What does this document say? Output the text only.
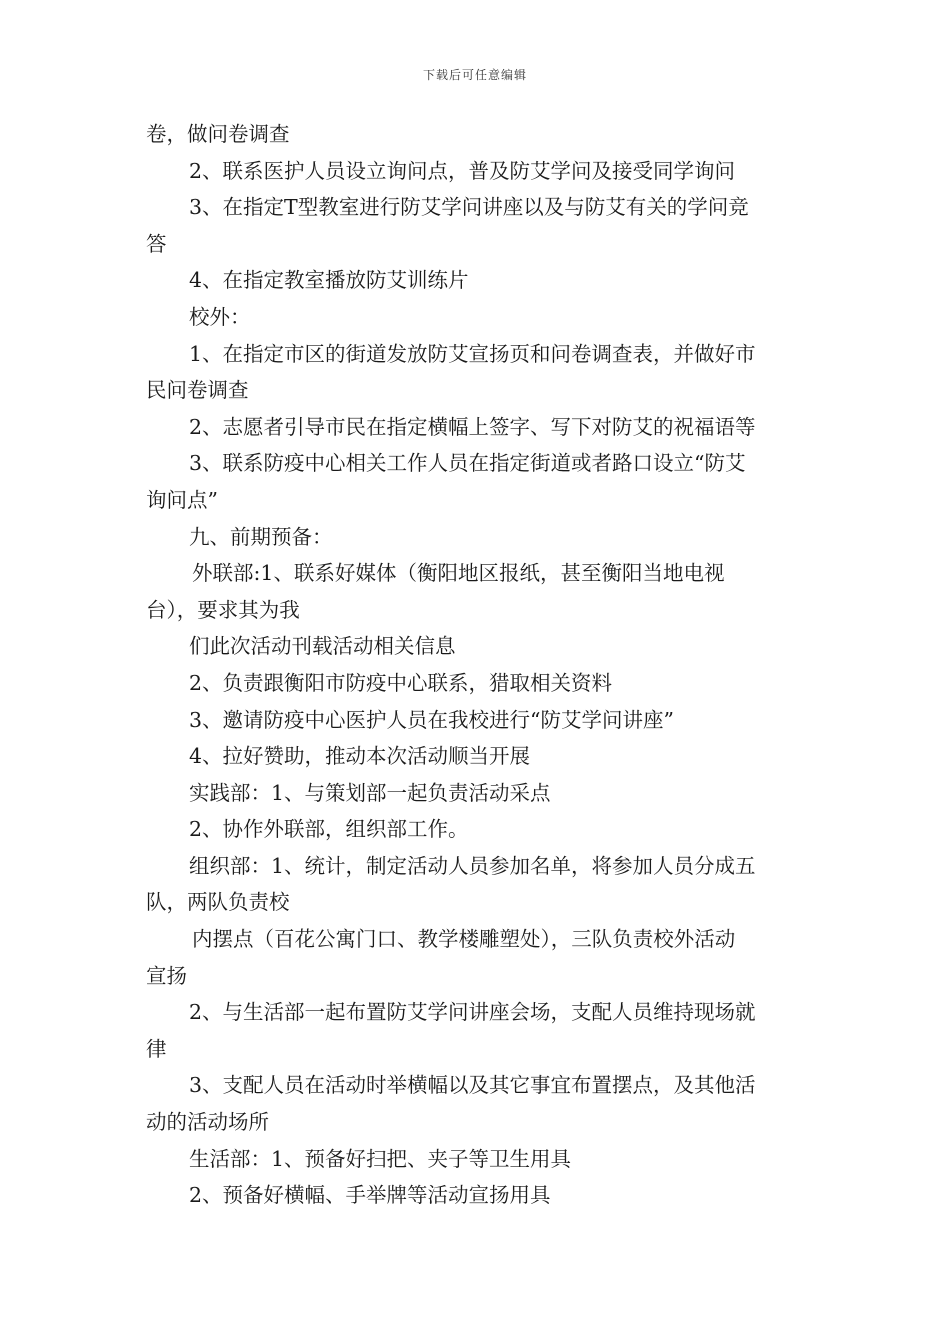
下载后可任意编辑
卷，做问卷调查
2、联系医护人员设立询问点，普及防艾学问及接受同学询问
3、在指定T型教室进行防艾学问讲座以及与防艾有关的学问竞
答
4、在指定教室播放防艾训练片
校外：
1、在指定市区的街道发放防艾宣扬页和问卷调查表，并做好市
民问卷调查
2、志愿者引导市民在指定横幅上签字、写下对防艾的祝福语等
3、联系防疫中心相关工作人员在指定街道或者路口设立“防艾
询问点”
九、前期预备：
外联部:1、联系好媒体（衡阳地区报纸，甚至衡阳当地电视
台），要求其为我
们此次活动刊载活动相关信息
2、负责跟衡阳市防疫中心联系，猎取相关资料
3、邀请防疫中心医护人员在我校进行“防艾学问讲座”
4、拉好赞助，推动本次活动顺当开展
实践部：1、与策划部一起负责活动采点
2、协作外联部，组织部工作。
组织部：1、统计，制定活动人员参加名单，将参加人员分成五
队，两队负责校
内摆点（百花公寓门口、教学楼雕塑处），三队负责校外活动
宣扬
2、与生活部一起布置防艾学问讲座会场，支配人员维持现场就
律
3、支配人员在活动时举横幅以及其它事宜布置摆点，及其他活
动的活动场所
生活部：1、预备好扫把、夹子等卫生用具
2、预备好横幅、手举牌等活动宣扬用具
